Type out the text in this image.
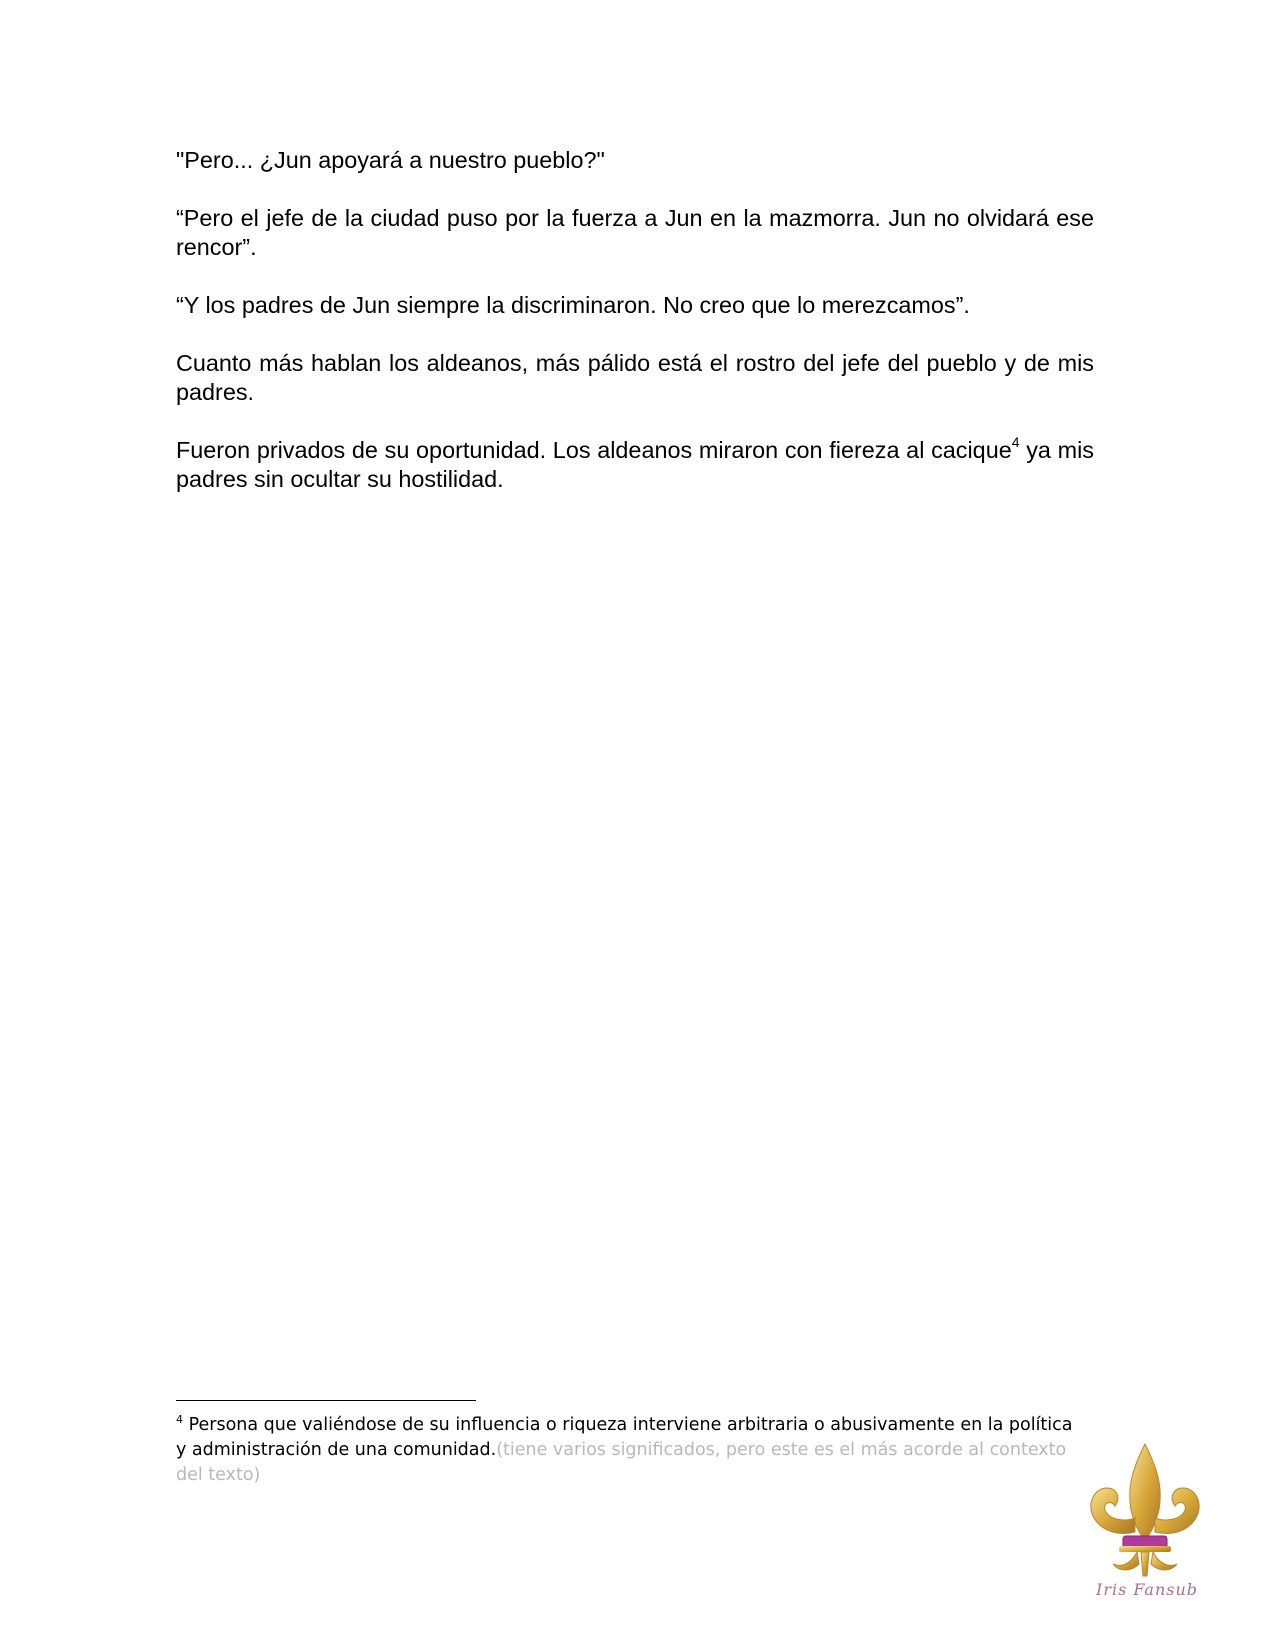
"Pero... ¿Jun apoyará a nuestro pueblo?"

“Pero el jefe de la ciudad puso por la fuerza a Jun en la mazmorra. Jun no olvidará ese rencor”.

“Y los padres de Jun siempre la discriminaron. No creo que lo merezcamos”.

Cuanto más hablan los aldeanos, más pálido está el rostro del jefe del pueblo y de mis padres.

Fueron privados de su oportunidad. Los aldeanos miraron con fiereza al cacique$^4$ ya mis padres sin ocultar su hostilidad.

$^4$ Persona que valiéndose de su influencia o riqueza interviene arbitraria o abusivamente en la política y administración de una comunidad.(tiene varios significados, pero este es el más acorde al contexto del texto)
Iris Fansub
